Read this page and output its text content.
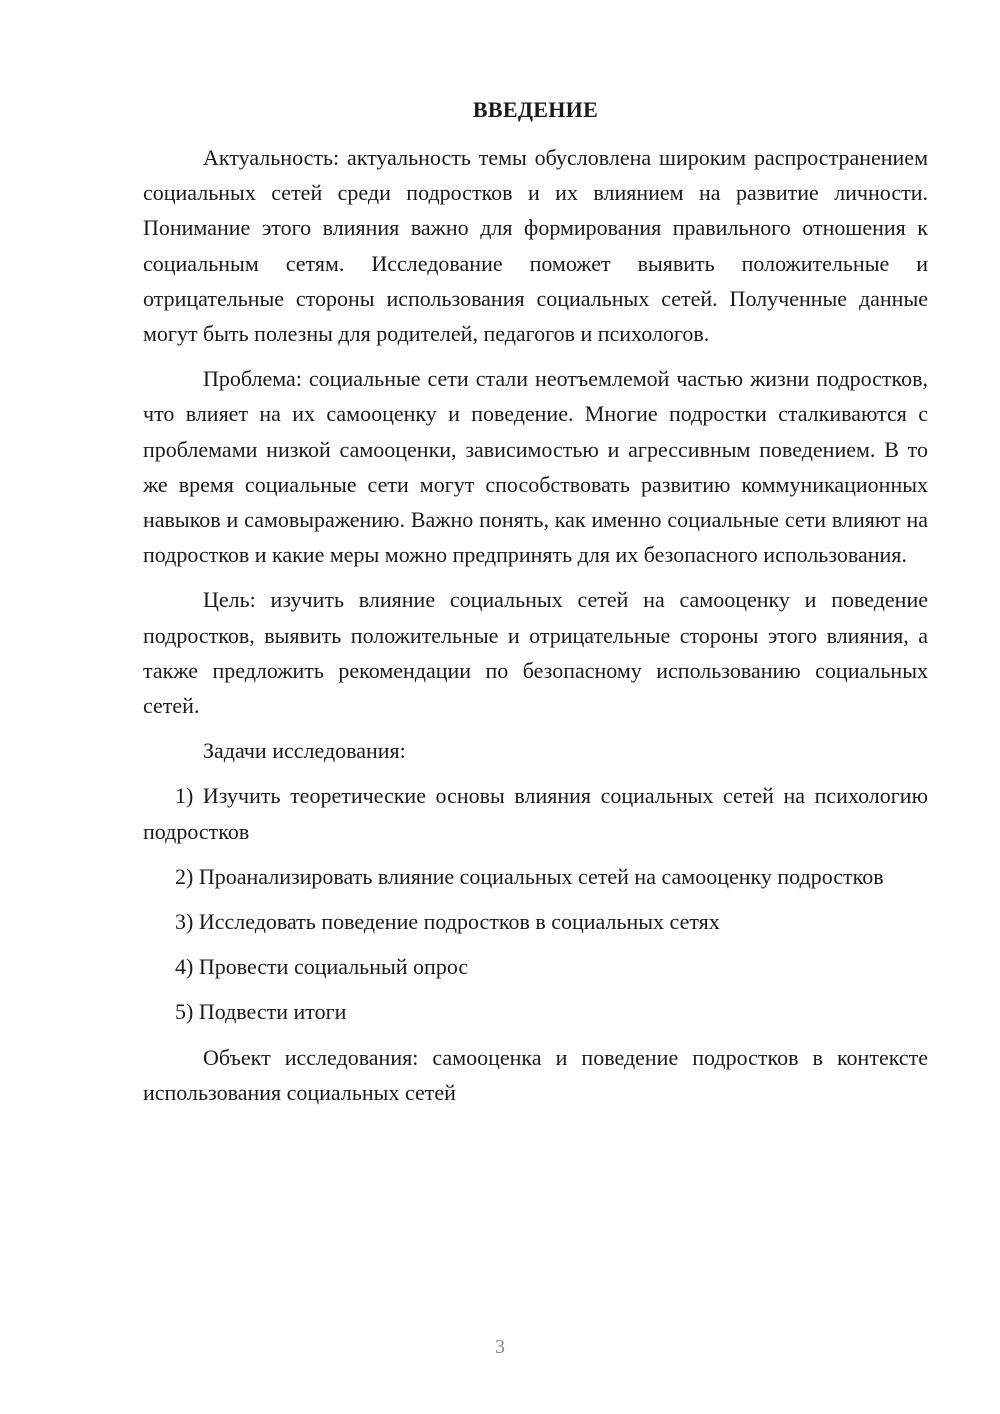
ВВЕДЕНИЕ

Актуальность: актуальность темы обусловлена широким распространением социальных сетей среди подростков и их влиянием на развитие личности. Понимание этого влияния важно для формирования правильного отношения к социальным сетям. Исследование поможет выявить положительные и отрицательные стороны использования социальных сетей. Полученные данные могут быть полезны для родителей, педагогов и психологов.

Проблема: социальные сети стали неотъемлемой частью жизни подростков, что влияет на их самооценку и поведение. Многие подростки сталкиваются с проблемами низкой самооценки, зависимостью и агрессивным поведением. В то же время социальные сети могут способствовать развитию коммуникационных навыков и самовыражению. Важно понять, как именно социальные сети влияют на подростков и какие меры можно предпринять для их безопасного использования.

Цель: изучить влияние социальных сетей на самооценку и поведение подростков, выявить положительные и отрицательные стороны этого влияния, а также предложить рекомендации по безопасному использованию социальных сетей.

Задачи исследования:

1) Изучить теоретические основы влияния социальных сетей на психологию подростков

2) Проанализировать влияние социальных сетей на самооценку подростков

3) Исследовать поведение подростков в социальных сетях

4) Провести социальный опрос

5) Подвести итоги

Объект исследования: самооценка и поведение подростков в контексте использования социальных сетей

3
